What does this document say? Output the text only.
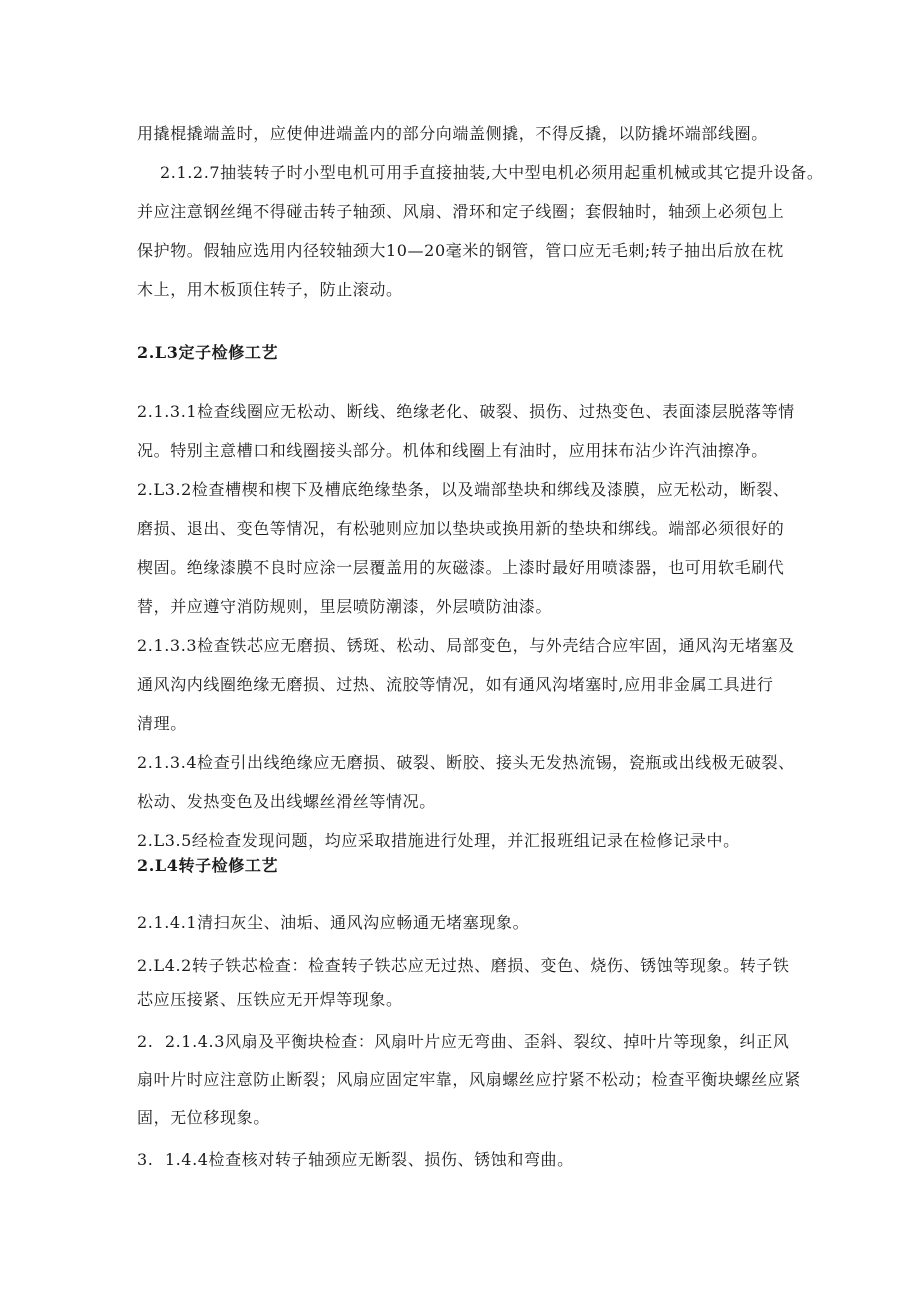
用撬棍撬端盖时，应使伸进端盖内的部分向端盖侧撬，不得反撬，以防撬坏端部线圈。
2.1.2.7抽装转子时小型电机可用手直接抽装,大中型电机必须用起重机械或其它提升设备。
并应注意钢丝绳不得碰击转子轴颈、风扇、滑环和定子线圈；套假轴时，轴颈上必须包上
保护物。假轴应选用内径较轴颈大10—20毫米的钢管，管口应无毛刺;转子抽出后放在枕
木上，用木板顶住转子，防止滚动。
2.L3定子检修工艺
2.1.3.1检查线圈应无松动、断线、绝缘老化、破裂、损伤、过热变色、表面漆层脱落等情
况。特别主意槽口和线圈接头部分。机体和线圈上有油时，应用抹布沾少许汽油擦净。
2.L3.2检查槽楔和楔下及槽底绝缘垫条，以及端部垫块和绑线及漆膜，应无松动，断裂、
磨损、退出、变色等情况，有松驰则应加以垫块或换用新的垫块和绑线。端部必须很好的
楔固。绝缘漆膜不良时应涂一层覆盖用的灰磁漆。上漆时最好用喷漆器，也可用软毛刷代
替，并应遵守消防规则，里层喷防潮漆，外层喷防油漆。
2.1.3.3检查铁芯应无磨损、锈斑、松动、局部变色，与外壳结合应牢固，通风沟无堵塞及
通风沟内线圈绝缘无磨损、过热、流胶等情况，如有通风沟堵塞时,应用非金属工具进行
清理。
2.1.3.4检查引出线绝缘应无磨损、破裂、断胶、接头无发热流锡，瓷瓶或出线极无破裂、
松动、发热变色及出线螺丝滑丝等情况。
2.L3.5经检查发现问题，均应采取措施进行处理，并汇报班组记录在检修记录中。
2.L4转子检修工艺
2.1.4.1清扫灰尘、油垢、通风沟应畅通无堵塞现象。
2.L4.2转子铁芯检查：检查转子铁芯应无过热、磨损、变色、烧伤、锈蚀等现象。转子铁
芯应压接紧、压铁应无开焊等现象。
2.  2.1.4.3风扇及平衡块检查：风扇叶片应无弯曲、歪斜、裂纹、掉叶片等现象，纠正风
扇叶片时应注意防止断裂；风扇应固定牢靠，风扇螺丝应拧紧不松动；检查平衡块螺丝应紧
固，无位移现象。
3.  1.4.4检查核对转子轴颈应无断裂、损伤、锈蚀和弯曲。
